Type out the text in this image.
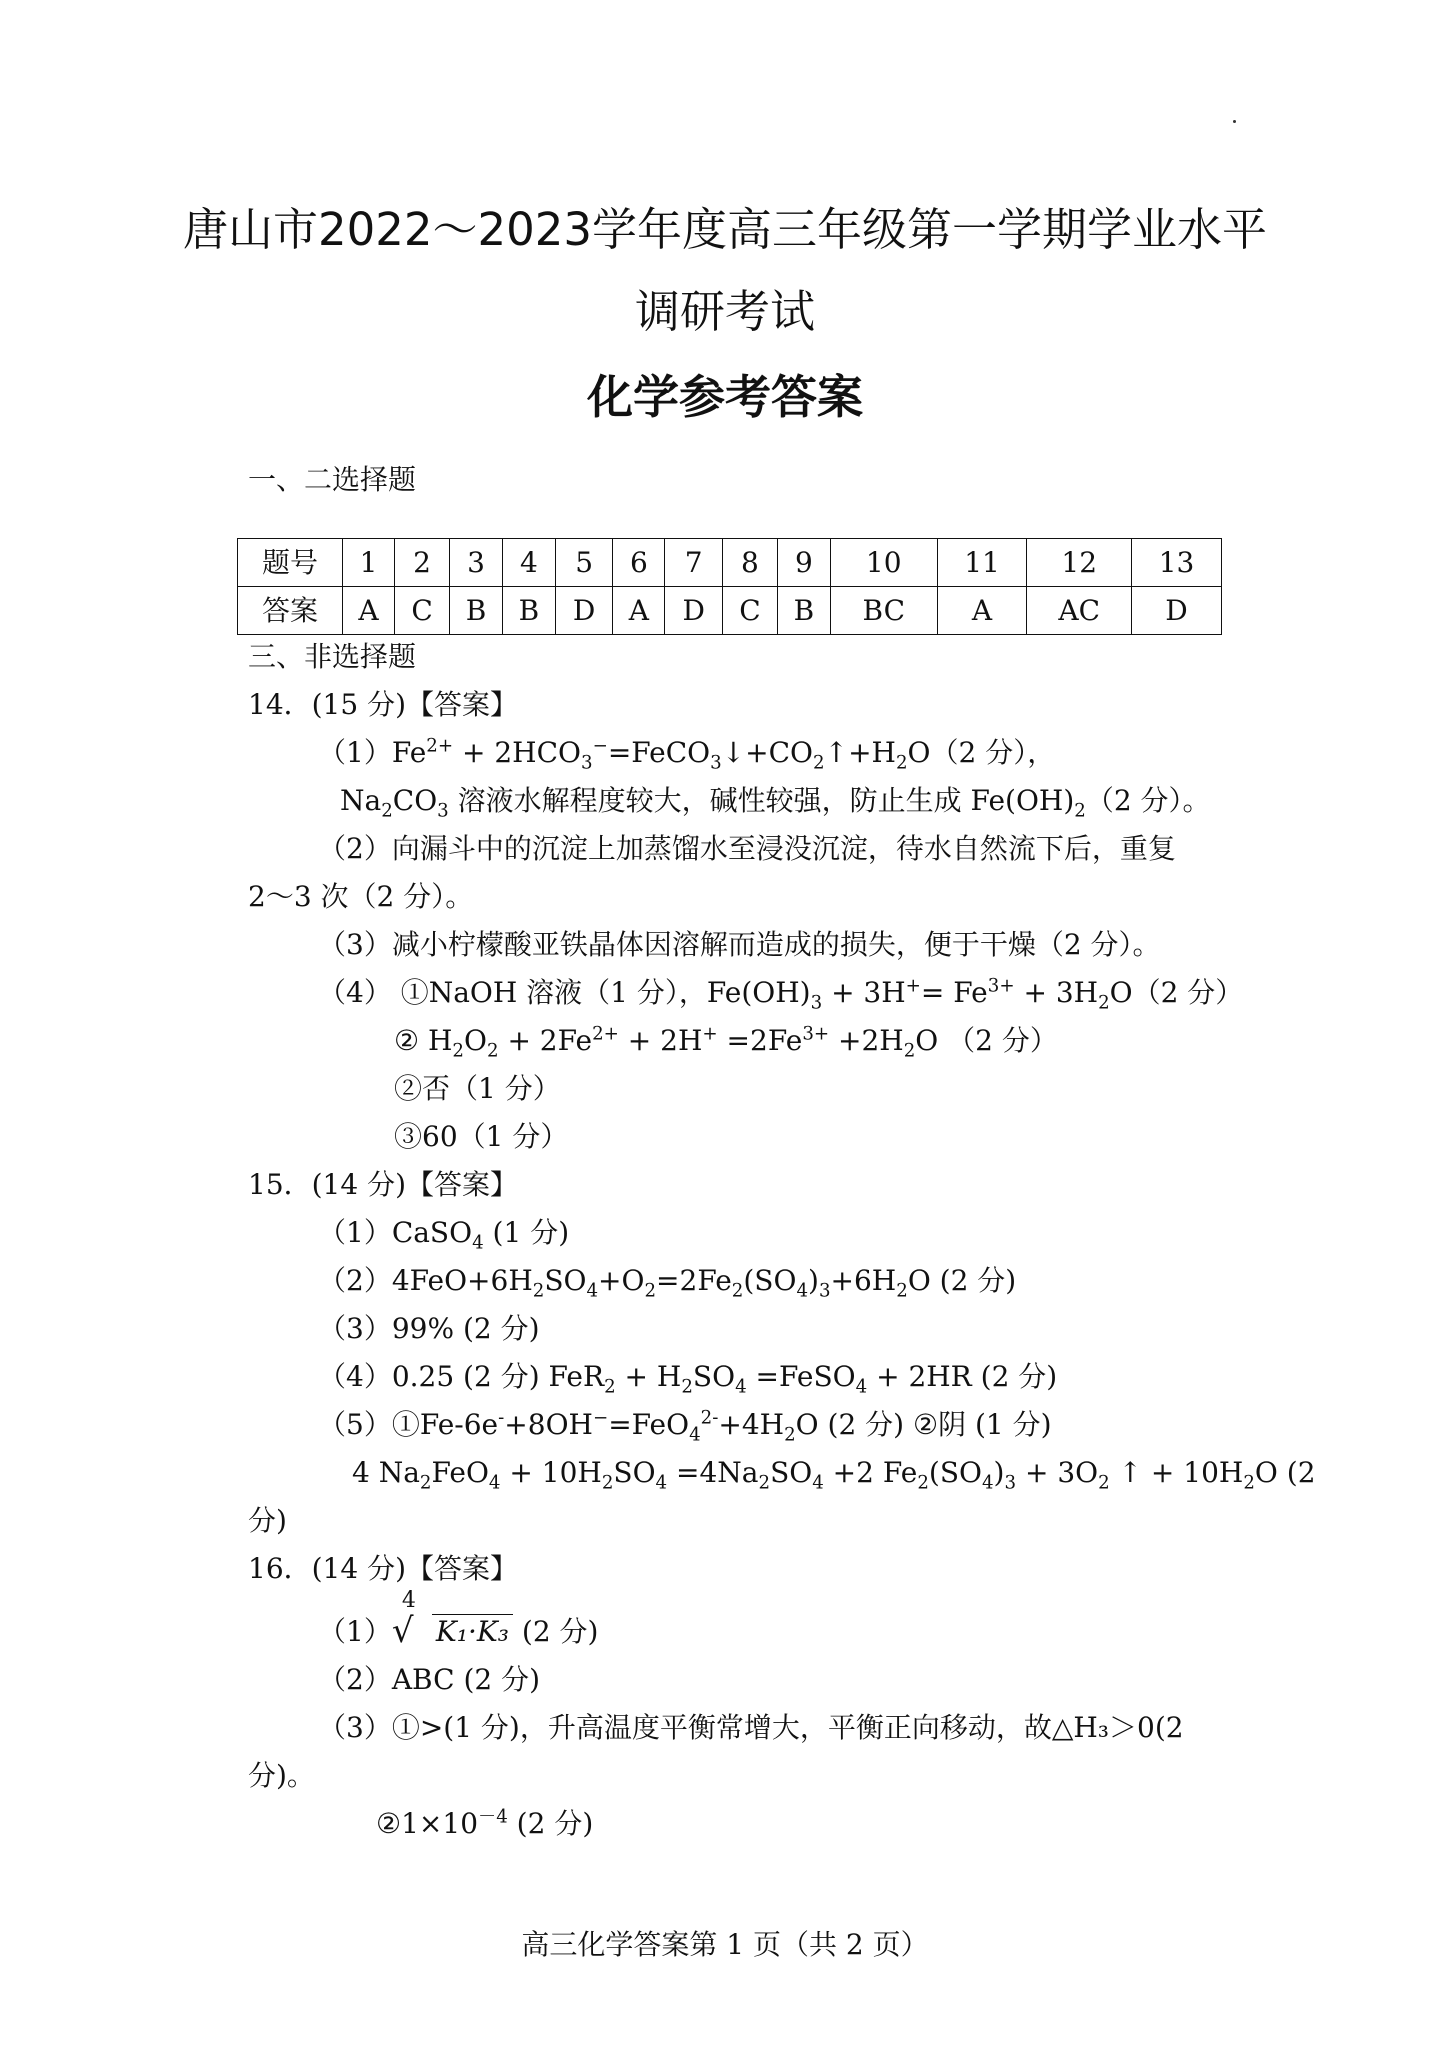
唐山市2022～2023学年度高三年级第一学期学业水平
调研考试
化学参考答案
一、二选择题
题号	1	2	3	4	5	6	7	8	9	10	11	12	13
答案	A	C	B	B	D	A	D	C	B	BC	A	AC	D
三、非选择题
14．(15 分)【答案】
$(1)Fe^{2+}$ + $2HCO_3^-=FeCO_3↓+CO_2↑+H_2O(2$ 分），
$Na_2CO_3$ 溶液水解程度较大，碱性较强，防止生成 $Fe(OH)_2(2$ 分）。
（2）向漏斗中的沉淀上加蒸馏水至浸没沉淀，待水自然流下后，重复
2～3 次（2 分）。
（3）减小柠檬酸亚铁晶体因溶解而造成的损失，便于干燥（2 分）。
（4） ①NaOH 溶液（1 分），$Fe(OH)_3 + 3H^+= Fe^{3+} + 3H_2O(2$ 分）
② $H_2O_2 + 2Fe^{2+} + 2H^+ =2Fe^{3+} +2H_2O$ （2 分）
②否（1 分）
③60（1 分）
15．(14 分)【答案】
（1）CaSO$_4$ (1 分)
$(2)4FeO+6H_2SO_4+O_2=2Fe_2(SO_4)_3+6H_2O$ (2 分)
（3）99% (2 分)
（4）0.25 (2 分) $FeR_2 + H_2SO_4$ =FeSO$_4$ + 2HR (2 分)
$(5)①Fe-6e^-+8OH^-=FeO_4^{2-}+4H_2O$ (2 分) ②阴 (1 分)
4 $Na_2FeO_4 + 10H_2SO_4 =4Na_2SO_4 +2$ $Fe_2(SO_4)_3 + 3O_2$ ↑ + $10H_2O$ (2
分)
16．(14 分)【答案】
（1）
4
√ K₁·K₃ (2 分)
（2）ABC (2 分)
（3）①>(1 分)，升高温度平衡常增大，平衡正向移动，故△H₃＞0(2
分)。
$②1\times 10^{-4}$ (2 分)
高三化学答案第 1 页（共 2 页）
